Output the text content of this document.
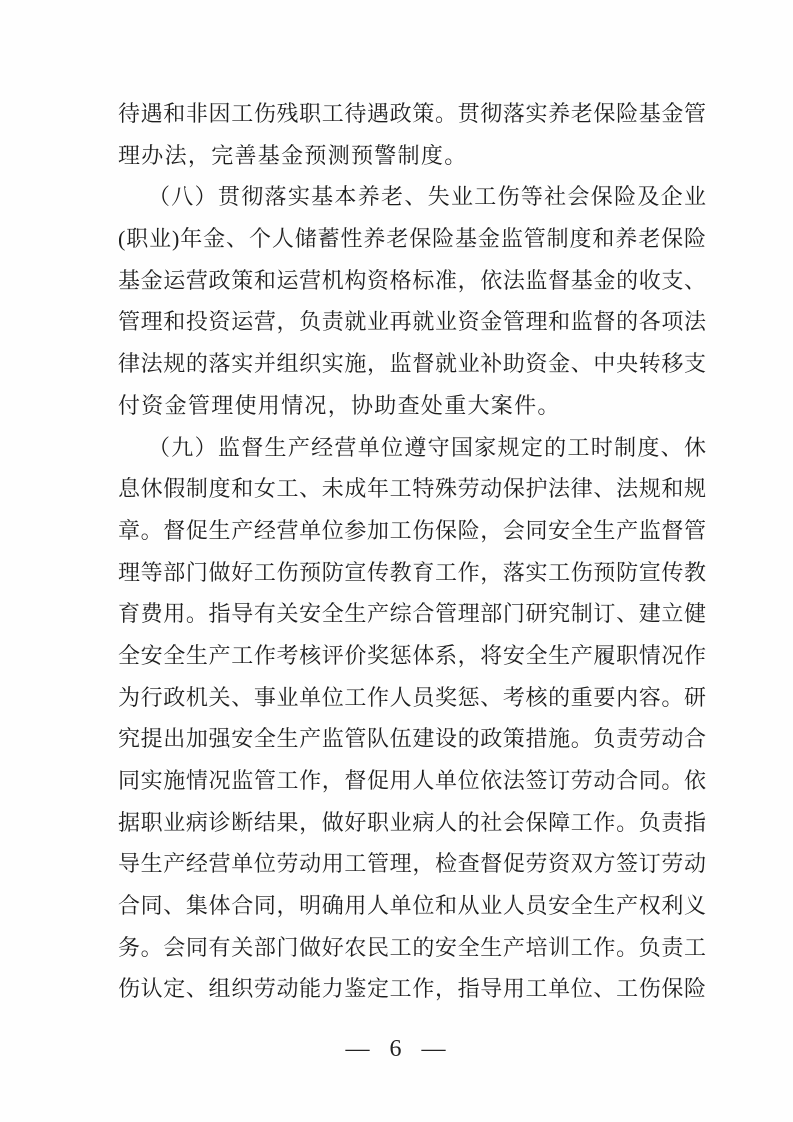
待遇和非因工伤残职工待遇政策。贯彻落实养老保险基金管
理办法，完善基金预测预警制度。
（八）贯彻落实基本养老、失业工伤等社会保险及企业
(职业)年金、个人储蓄性养老保险基金监管制度和养老保险
基金运营政策和运营机构资格标准，依法监督基金的收支、
管理和投资运营，负责就业再就业资金管理和监督的各项法
律法规的落实并组织实施，监督就业补助资金、中央转移支
付资金管理使用情况，协助查处重大案件。
（九）监督生产经营单位遵守国家规定的工时制度、休
息休假制度和女工、未成年工特殊劳动保护法律、法规和规
章。督促生产经营单位参加工伤保险，会同安全生产监督管
理等部门做好工伤预防宣传教育工作，落实工伤预防宣传教
育费用。指导有关安全生产综合管理部门研究制订、建立健
全安全生产工作考核评价奖惩体系，将安全生产履职情况作
为行政机关、事业单位工作人员奖惩、考核的重要内容。研
究提出加强安全生产监管队伍建设的政策措施。负责劳动合
同实施情况监管工作，督促用人单位依法签订劳动合同。依
据职业病诊断结果，做好职业病人的社会保障工作。负责指
导生产经营单位劳动用工管理，检查督促劳资双方签订劳动
合同、集体合同，明确用人单位和从业人员安全生产权利义
务。会同有关部门做好农民工的安全生产培训工作。负责工
伤认定、组织劳动能力鉴定工作，指导用工单位、工伤保险
— 6 —
